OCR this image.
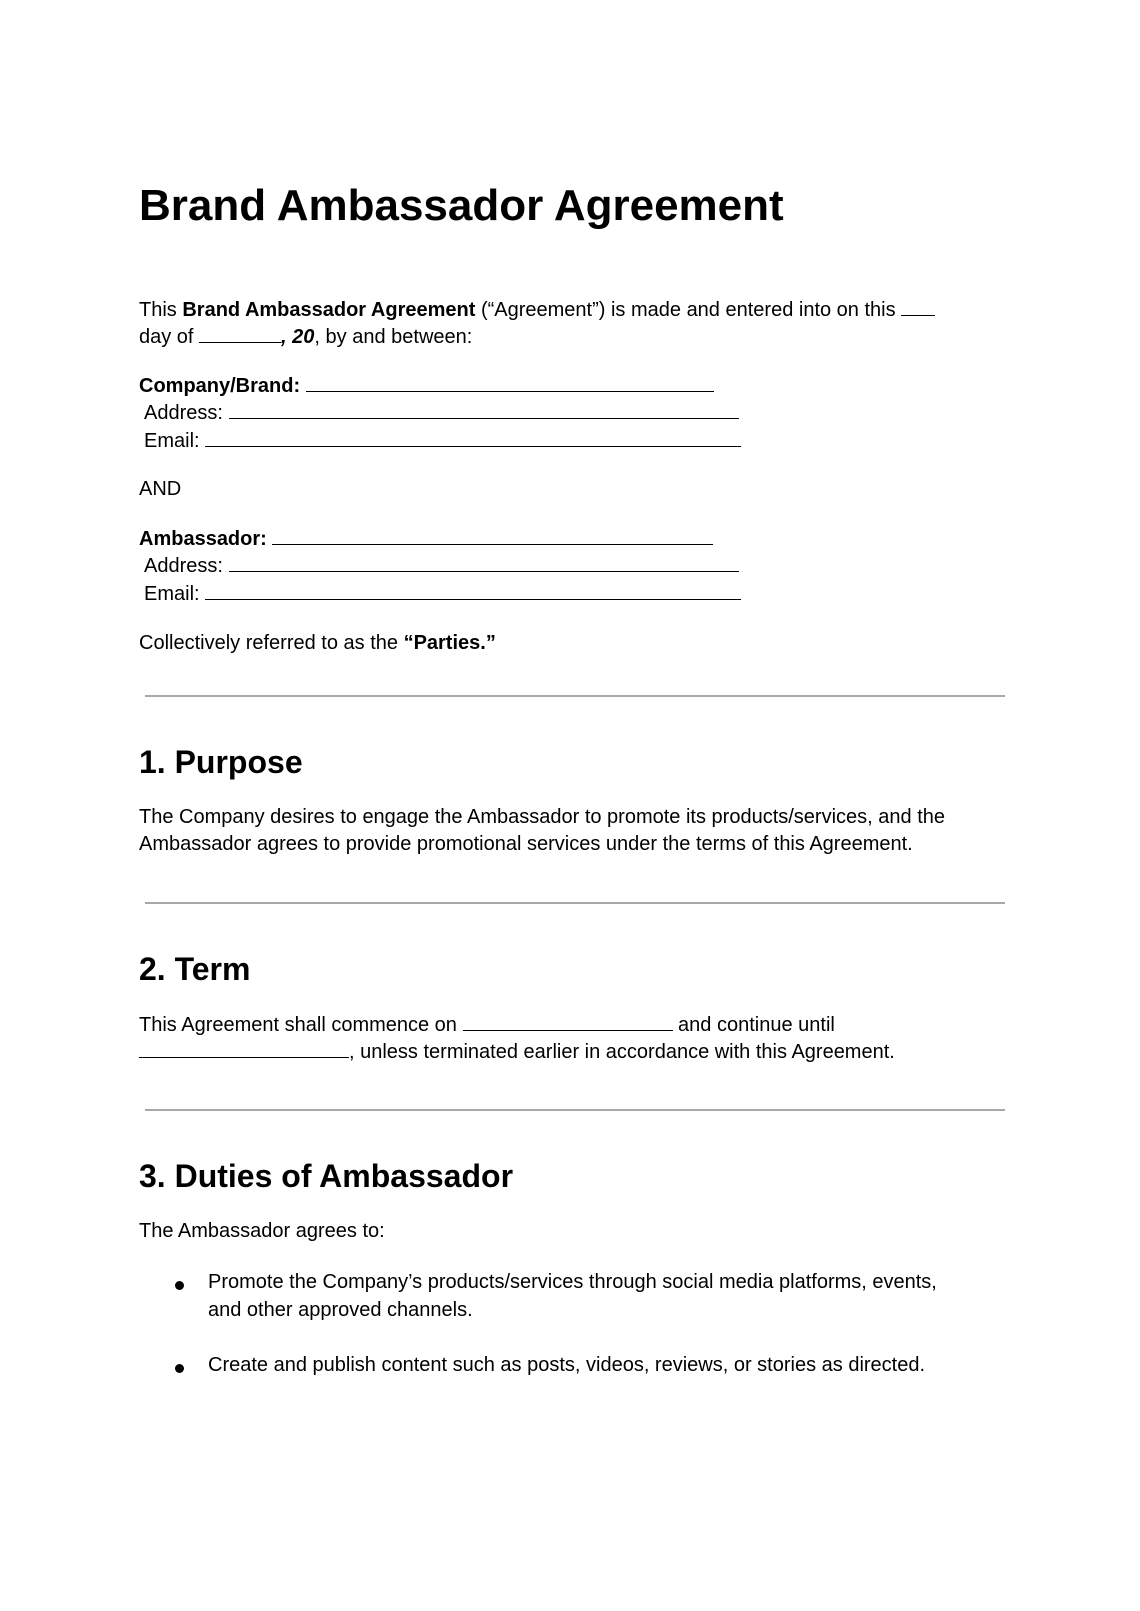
Brand Ambassador Agreement

This Brand Ambassador Agreement (“Agreement”) is made and entered into on this

day of	, 20, by and between:

Company/Brand:

Address:

Email:

AND

Ambassador:

Address:

Email:

Collectively referred to as the “Parties.”

1. Purpose

The Company desires to engage the Ambassador to promote its products/services, and the

Ambassador agrees to provide promotional services under the terms of this Agreement.

2. Term

This Agreement shall commence on	and continue until

, unless terminated earlier in accordance with this Agreement.

3. Duties of Ambassador

The Ambassador agrees to:

Promote the Company’s products/services through social media platforms, events,

and other approved channels.

Create and publish content such as posts, videos, reviews, or stories as directed.
